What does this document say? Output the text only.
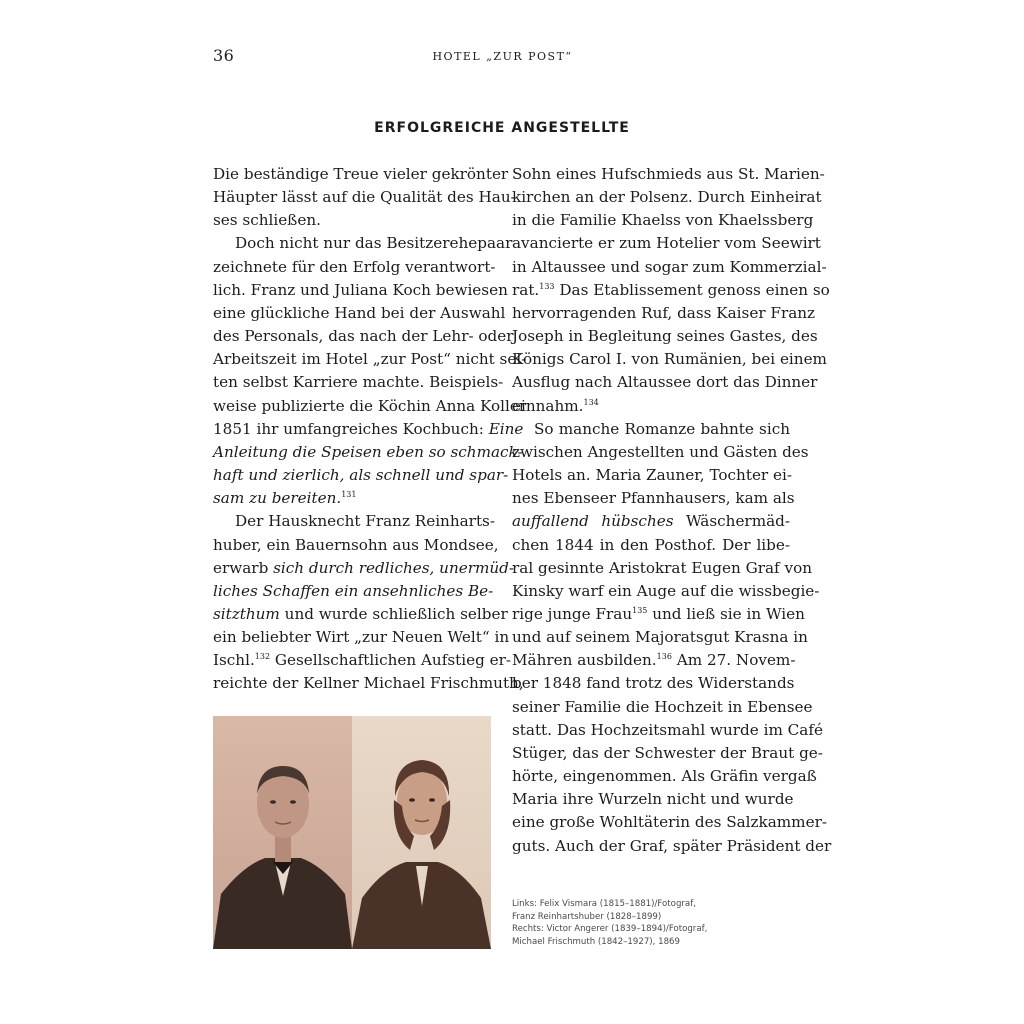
36	HOTEL „ZUR POST“
ERFOLGREICHE ANGESTELLTE
Die beständige Treue vieler gekrönter
Häupter lässt auf die Qualität des Hau-
ses schließen.
Doch nicht nur das Besitzerehepaar
zeichnete für den Erfolg verantwort-
lich. Franz und Juliana Koch bewiesen
eine glückliche Hand bei der Auswahl
des Personals, das nach der Lehr- oder
Arbeitszeit im Hotel „zur Post“ nicht sel-
ten selbst Karriere machte. Beispiels-
weise publizierte die Köchin Anna Koller
1851 ihr umfangreiches Kochbuch: Eine
Anleitung die Speisen eben so schmack-
haft und zierlich, als schnell und spar-
sam zu bereiten.$^{131}$
Der Hausknecht Franz Reinharts-
huber, ein Bauernsohn aus Mondsee,
erwarb sich durch redliches, unermüd-
liches Schaffen ein ansehnliches Be-
sitzthum und wurde schließlich selber
ein beliebter Wirt „zur Neuen Welt“ in
Ischl.$^{132}$ Gesellschaftlichen Aufstieg er-
reichte der Kellner Michael Frischmuth,
Sohn eines Hufschmieds aus St. Marien-
kirchen an der Polsenz. Durch Einheirat
in die Familie Khaelss von Khaelssberg
avancierte er zum Hotelier vom Seewirt
in Altaussee und sogar zum Kommerzial-
rat.$^{133}$ Das Etablissement genoss einen so
hervorragenden Ruf, dass Kaiser Franz
Joseph in Begleitung seines Gastes, des
Königs Carol I. von Rumänien, bei einem
Ausflug nach Altaussee dort das Dinner
einnahm.$^{134}$
So manche Romanze bahnte sich
zwischen Angestellten und Gästen des
Hotels an. Maria Zauner, Tochter ei-
nes Ebenseer Pfannhausers, kam als
auffallend hübsches Wäschermäd-
chen 1844 in den Posthof. Der libe-
ral gesinnte Aristokrat Eugen Graf von
Kinsky warf ein Auge auf die wissbegie-
rige junge Frau$^{135}$ und ließ sie in Wien
und auf seinem Majoratsgut Krasna in
Mähren ausbilden.$^{136}$ Am 27. Novem-
ber 1848 fand trotz des Widerstands
seiner Familie die Hochzeit in Ebensee
statt. Das Hochzeitsmahl wurde im Café
Stüger, das der Schwester der Braut ge-
hörte, eingenommen. Als Gräfin vergaß
Maria ihre Wurzeln nicht und wurde
eine große Wohltäterin des Salzkammer-
guts. Auch der Graf, später Präsident der
Links: Felix Vismara (1815–1881)/Fotograf,
Franz Reinhartshuber (1828–1899)
Rechts: Victor Angerer (1839–1894)/Fotograf,
Michael Frischmuth (1842–1927), 1869
